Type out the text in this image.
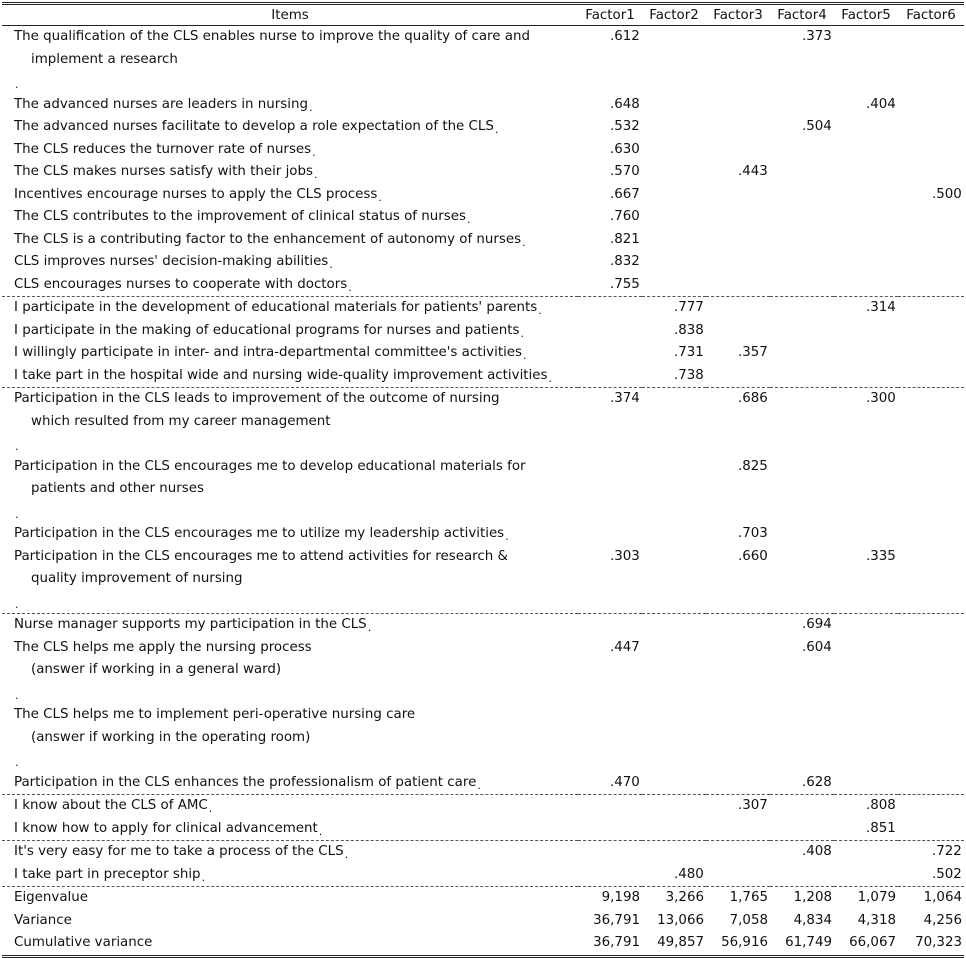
Items	Factor1	Factor2	Factor3	Factor4	Factor5	Factor6
The qualification of the CLS enables nurse to improve the quality of care and
implement a research
$_.$	.612			.373		
The advanced nurses are leaders in nursing$_.$	.648				.404	
The advanced nurses facilitate to develop a role expectation of the $CLS_.$	.532			.504		
The CLS reduces the turnover rate of nurses$_.$	.630					
The CLS makes nurses satisfy with their jobs$_.$	.570		.443			
Incentives encourage nurses to apply the CLS process$_.$	.667					.500
The CLS contributes to the improvement of clinical status of nurses$_.$	.760					
The CLS is a contributing factor to the enhancement of autonomy of nurses$_.$	.821					
CLS improves nurses' decision-making abilities$_.$	.832					
CLS encourages nurses to cooperate with doctors$_.$	.755					
I participate in the development of educational materials for patients' parents$_.$		.777			.314	
I participate in the making of educational programs for nurses and patients$_.$		.838				
I willingly participate in inter- and intra-departmental committee's activities$_.$		.731	.357			
I take part in the hospital wide and nursing wide-quality improvement activities$_.$		.738				
Participation in the CLS leads to improvement of the outcome of nursing
which resulted from my career management
$_.$	.374		.686		.300	
Participation in the CLS encourages me to develop educational materials for
patients and other nurses
$_.$			.825			
Participation in the CLS encourages me to utilize my leadership activities$_.$			.703			
Participation in the CLS encourages me to attend activities for research &
quality improvement of nursing
$_.$	.303		.660		.335	
Nurse manager supports my participation in the $CLS_.$				.694		
The CLS helps me apply the nursing process
(answer if working in a general ward)
$_.$	.447			.604		
The CLS helps me to implement peri-operative nursing care
(answer if working in the operating room)
$_.$						
Participation in the CLS enhances the professionalism of patient care$_.$	.470			.628		
I know about the CLS of $AMC_.$			.307		.808	
I know how to apply for clinical advancement$_.$					.851	
It's very easy for me to take a process of the $CLS_.$				.408		.722
I take part in preceptor ship$_.$		.480				.502
Eigenvalue	9,198	3,266	1,765	1,208	1,079	1,064
Variance	36,791	13,066	7,058	4,834	4,318	4,256
Cumulative variance	36,791	49,857	56,916	61,749	66,067	70,323
